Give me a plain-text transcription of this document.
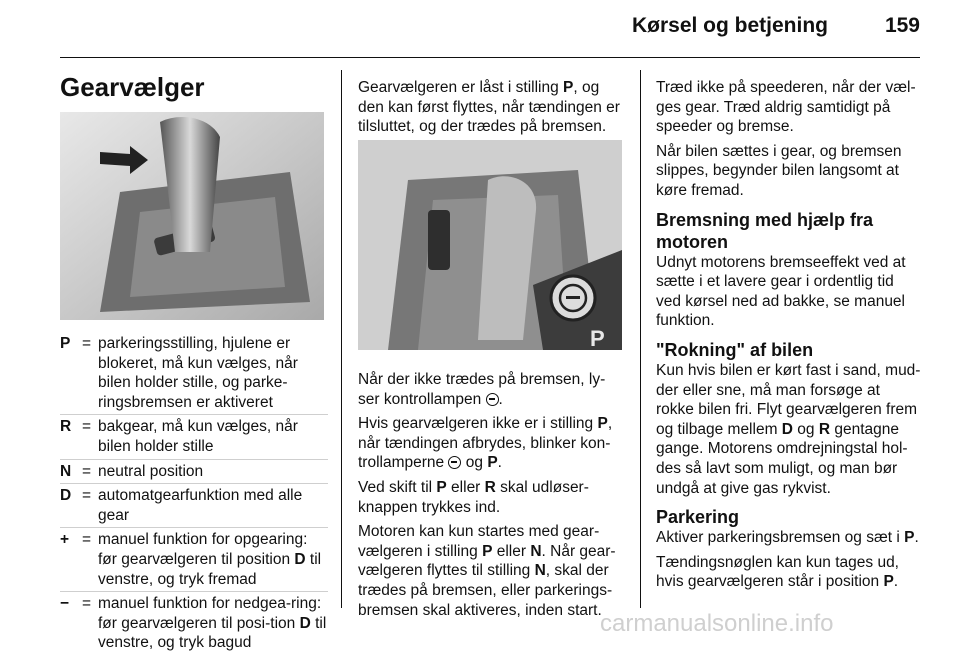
Kørsel og betjening	159
Gearvælger
P = parkeringsstilling, hjulene er blokeret, må kun vælges, når bilen holder stille, og parke-ringsbremsen er aktiveret
R = bakgear, må kun vælges, når bilen holder stille
N = neutral position
D = automatgearfunktion med alle gear
+ = manuel funktion for opgearing: før gearvælgeren til position D til venstre, og tryk fremad
− = manuel funktion for nedgea-ring: før gearvælgeren til posi-tion D til venstre, og tryk bagud

Gearvælgeren er låst i stilling P, og den kan først flyttes, når tændingen er tilsluttet, og der trædes på bremsen.

P

Når der ikke trædes på bremsen, ly-ser kontrollampen .

Hvis gearvælgeren ikke er i stilling P, når tændingen afbrydes, blinker kon-trollamperne  og P.

Ved skift til P eller R skal udløser-knappen trykkes ind.

Motoren kan kun startes med gear-vælgeren i stilling P eller N. Når gear-vælgeren flyttes til stilling N, skal der trædes på bremsen, eller parkerings-bremsen skal aktiveres, inden start.

Træd ikke på speederen, når der væl-ges gear. Træd aldrig samtidigt på speeder og bremse.

Når bilen sættes i gear, og bremsen slippes, begynder bilen langsomt at køre fremad.

Bremsning med hjælp fra motoren

Udnyt motorens bremseeffekt ved at sætte i et lavere gear i ordentlig tid ved kørsel ned ad bakke, se manuel funktion.

"Rokning" af bilen

Kun hvis bilen er kørt fast i sand, mud-der eller sne, må man forsøge at rokke bilen fri. Flyt gearvælgeren frem og tilbage mellem D og R gentagne gange. Motorens omdrejningstal hol-des så lavt som muligt, og man bør undgå at give gas rykvist.

Parkering

Aktiver parkeringsbremsen og sæt i P.

Tændingsnøglen kan kun tages ud, hvis gearvælgeren står i position P.

carmanualsonline.info
